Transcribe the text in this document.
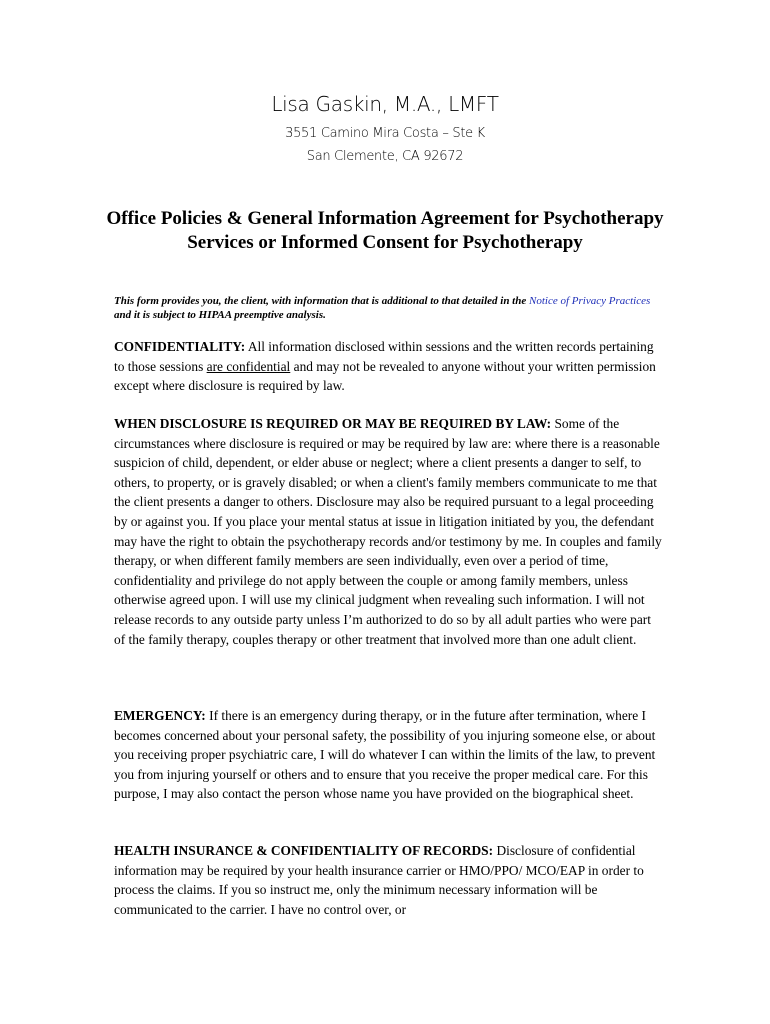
Lisa Gaskin, M.A., LMFT
3551 Camino Mira Costa – Ste K
San Clemente, CA 92672
Office Policies & General Information Agreement for Psychotherapy Services or Informed Consent for Psychotherapy
This form provides you, the client, with information that is additional to that detailed in the Notice of Privacy Practices and it is subject to HIPAA preemptive analysis.
CONFIDENTIALITY: All information disclosed within sessions and the written records pertaining to those sessions are confidential and may not be revealed to anyone without your written permission except where disclosure is required by law.
WHEN DISCLOSURE IS REQUIRED OR MAY BE REQUIRED BY LAW: Some of the circumstances where disclosure is required or may be required by law are: where there is a reasonable suspicion of child, dependent, or elder abuse or neglect; where a client presents a danger to self, to others, to property, or is gravely disabled; or when a client's family members communicate to me that the client presents a danger to others. Disclosure may also be required pursuant to a legal proceeding by or against you. If you place your mental status at issue in litigation initiated by you, the defendant may have the right to obtain the psychotherapy records and/or testimony by me. In couples and family therapy, or when different family members are seen individually, even over a period of time, confidentiality and privilege do not apply between the couple or among family members, unless otherwise agreed upon. I will use my clinical judgment when revealing such information. I will not release records to any outside party unless I’m authorized to do so by all adult parties who were part of the family therapy, couples therapy or other treatment that involved more than one adult client.
EMERGENCY: If there is an emergency during therapy, or in the future after termination, where I becomes concerned about your personal safety, the possibility of you injuring someone else, or about you receiving proper psychiatric care, I will do whatever I can within the limits of the law, to prevent you from injuring yourself or others and to ensure that you receive the proper medical care. For this purpose, I may also contact the person whose name you have provided on the biographical sheet.
HEALTH INSURANCE & CONFIDENTIALITY OF RECORDS: Disclosure of confidential information may be required by your health insurance carrier or HMO/PPO/ MCO/EAP in order to process the claims. If you so instruct me, only the minimum necessary information will be communicated to the carrier. I have no control over, or
